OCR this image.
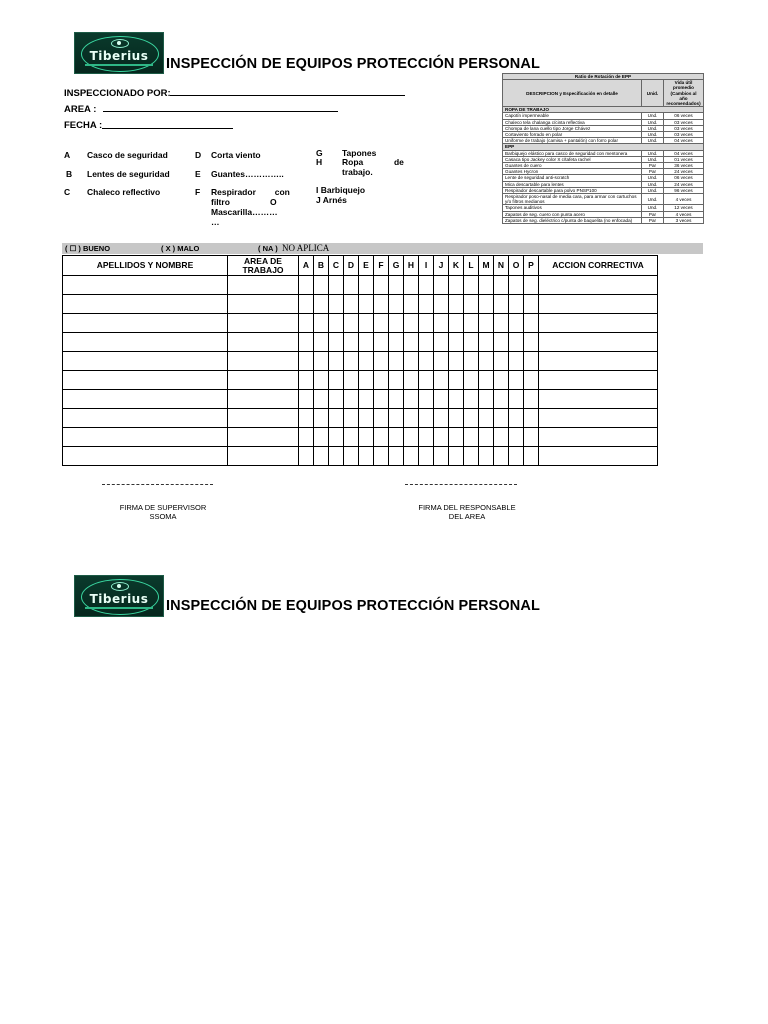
Tiberius	INSPECCIÓN DE EQUIPOS PROTECCIÓN PERSONAL
INSPECCIONADO POR:
AREA :
FECHA :
A Casco de seguridad
B Lentes de seguridad
C Chaleco reflectivo
D Corta viento
E Guantes…………..
F Respirador        con
filtro                 O
Mascarilla………
…
G Tapones
H Ropa             de
trabajo.
I Barbiquejo
J Arnés
Ratio de Rotación de EPP		
DESCRIPCION y Especificación en detalle	Unid.	Vida útil promedio (Cambios al año recomendados)
ROPA DE TRABAJO		
Capotín impermeable	Und.	06 veces
Chaleco tela chalanga c/cinta reflectiva	Und.	03 veces
Chompa de lana cuello tipo Jorge Chávez	Und.	03 veces
Cortaviento forrado en polar	Und.	03 veces
Uniforme de trabajo (camisa + pantalón) con forro polar	Und.	04 veces
EPP		
Barbiquejo elástico para casco de seguridad con mentonera	Und.	04 veces
Casaca tipo Jackey color X c/tafeta rachel	Und.	01 veces
Guantes de cuero	Par	36 veces
Guantes Hycron	Par	24 veces
Lente de seguridad anti-scratch	Und.	06 veces
Mica descartable para lentes	Und.	24 veces
Respirador descartable para polvo PNSP100	Und.	96 veces
Respirador poso-nasal de media cara, para armar con cartuchos y/o filtros medianos	Und.	4 veces
Tapones auditivos	Und.	12 veces
Zapatos de seg. cuero con punta acero	Par	4 veces
Zapatos de seg. dieléctrico c/punta de baquelita (no enfocada)	Par	3 veces
( ☐ ) BUENO	( X ) MALO	( NA ) NO APLICA
APELLIDOS Y NOMBRE	AREA DE TRABAJO	A	B	C	D	E	F	G	H	I	J	K	L	M	N	O	P	ACCION CORRECTIVA

FIRMA DE SUPERVISOR
SSOMA
FIRMA DEL RESPONSABLE
DEL AREA
Tiberius	INSPECCIÓN DE EQUIPOS PROTECCIÓN PERSONAL
